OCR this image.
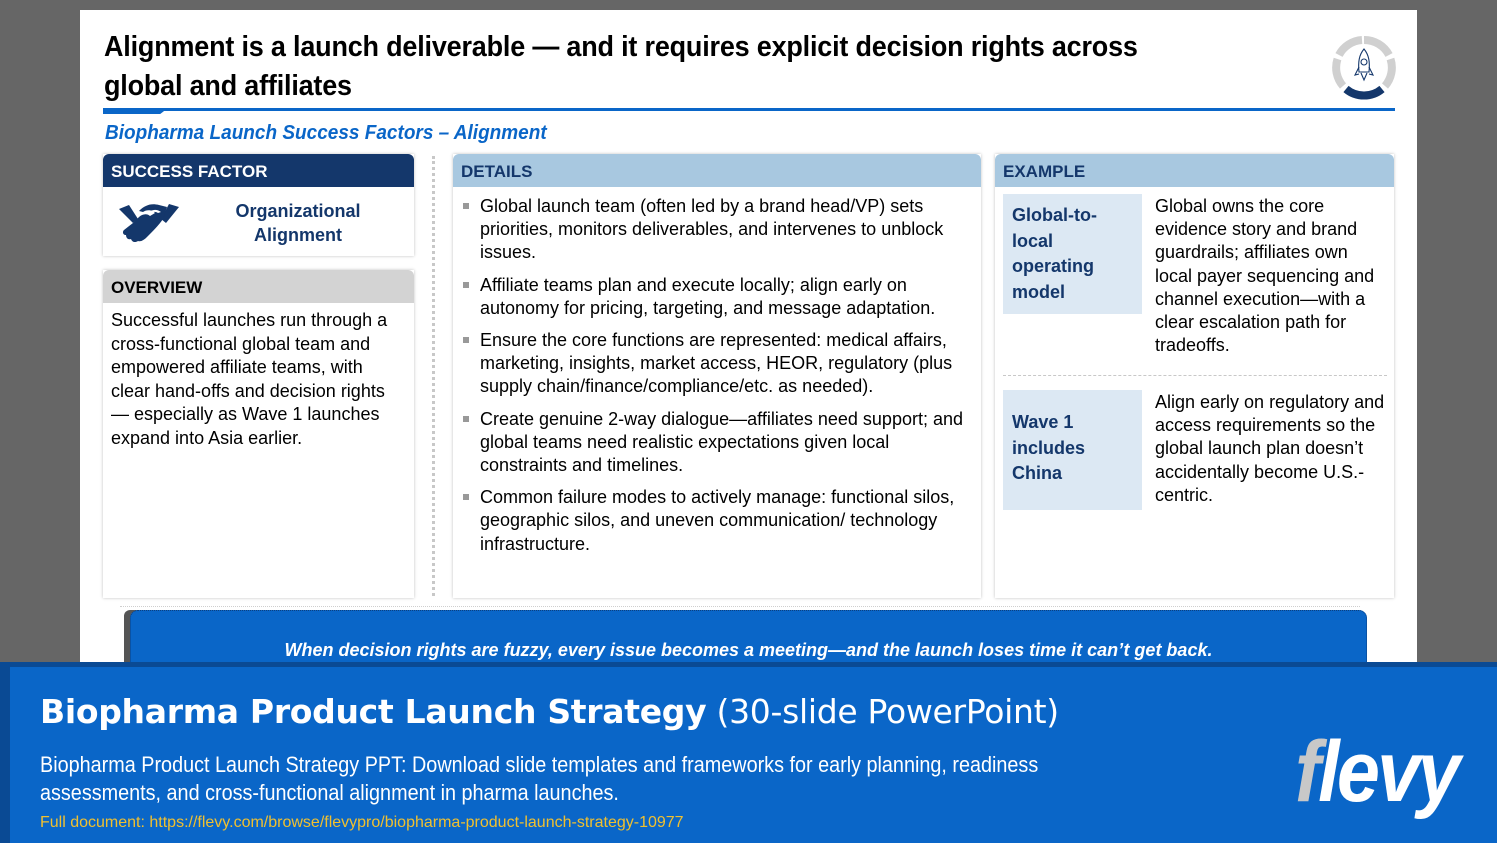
Alignment is a launch deliverable — and it requires explicit decision rights across global and affiliates
Biopharma Launch Success Factors – Alignment
SUCCESS FACTOR
Organizational Alignment
OVERVIEW
Successful launches run through a cross-functional global team and empowered affiliate teams, with clear hand-offs and decision rights — especially as Wave 1 launches expand into Asia earlier.
DETAILS
Global launch team (often led by a brand head/VP) sets priorities, monitors deliverables, and intervenes to unblock issues.
Affiliate teams plan and execute locally; align early on autonomy for pricing, targeting, and message adaptation.
Ensure the core functions are represented: medical affairs, marketing, insights, market access, HEOR, regulatory (plus supply chain/finance/compliance/etc. as needed).
Create genuine 2-way dialogue—affiliates need support; and global teams need realistic expectations given local constraints and timelines.
Common failure modes to actively manage: functional silos, geographic silos, and uneven communication/ technology infrastructure.
EXAMPLE
Global-to-local operating model
Global owns the core evidence story and brand guardrails; affiliates own local payer sequencing and channel execution—with a clear escalation path for tradeoffs.
Wave 1 includes China
Align early on regulatory and access requirements so the global launch plan doesn’t accidentally become U.S.-centric.
When decision rights are fuzzy, every issue becomes a meeting—and the launch loses time it can’t get back.
Biopharma Product Launch Strategy (30-slide PowerPoint)
Biopharma Product Launch Strategy PPT: Download slide templates and frameworks for early planning, readiness assessments, and cross-functional alignment in pharma launches.
Full document: https://flevy.com/browse/flevypro/biopharma-product-launch-strategy-10977
flevy
